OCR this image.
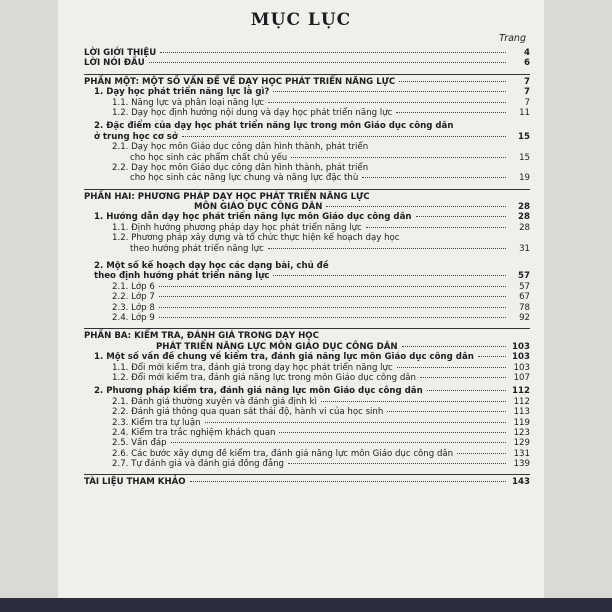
MỤC LỤC
Trang
LỜI GIỚI THIỆU	4
LỜI NÓI ĐẦU	6
PHẦN MỘT: MỘT SỐ VẤN ĐỀ VỀ DẠY HỌC PHÁT TRIỂN NĂNG LỰC	7
1. Dạy học phát triển năng lực là gì?	7
1.1. Năng lực và phân loại năng lực	7
1.2. Dạy học định hướng nội dung và dạy học phát triển năng lực	11
2. Đặc điểm của dạy học phát triển năng lực trong môn Giáo dục công dân
ở trung học cơ sở	15
2.1. Dạy học môn Giáo dục công dân hình thành, phát triển
cho học sinh các phẩm chất chủ yếu	15
2.2. Dạy học môn Giáo dục công dân hình thành, phát triển
cho học sinh các năng lực chung và năng lực đặc thù	19
PHẦN HAI: PHƯƠNG PHÁP DẠY HỌC PHÁT TRIỂN NĂNG LỰC
MÔN GIÁO DỤC CÔNG DÂN	28
1. Hướng dẫn dạy học phát triển năng lực môn Giáo dục công dân	28
1.1. Định hướng phương pháp dạy học phát triển năng lực	28
1.2. Phương pháp xây dựng và tổ chức thực hiện kế hoạch dạy học
theo hướng phát triển năng lực	31
2. Một số kế hoạch dạy học các dạng bài, chủ đề
theo định hướng phát triển năng lực	57
2.1. Lớp 6	57
2.2. Lớp 7	67
2.3. Lớp 8	78
2.4. Lớp 9	92
PHẦN BA: KIỂM TRA, ĐÁNH GIÁ TRONG DẠY HỌC
PHÁT TRIỂN NĂNG LỰC MÔN GIÁO DỤC CÔNG DÂN	103
1. Một số vấn đề chung về kiểm tra, đánh giá năng lực môn Giáo dục công dân	103
1.1. Đổi mới kiểm tra, đánh giá trong dạy học phát triển năng lực	103
1.2. Đổi mới kiểm tra, đánh giá năng lực trong môn Giáo dục công dân	107
2. Phương pháp kiểm tra, đánh giá năng lực môn Giáo dục công dân	112
2.1. Đánh giá thường xuyên và đánh giá định kì	112
2.2. Đánh giá thông qua quan sát thái độ, hành vi của học sinh	113
2.3. Kiểm tra tự luận	119
2.4. Kiểm tra trắc nghiệm khách quan	123
2.5. Vấn đáp	129
2.6. Các bước xây dựng đề kiểm tra, đánh giá năng lực môn Giáo dục công dân	131
2.7. Tự đánh giá và đánh giá đồng đẳng	139
TÀI LIỆU THAM KHẢO	143
